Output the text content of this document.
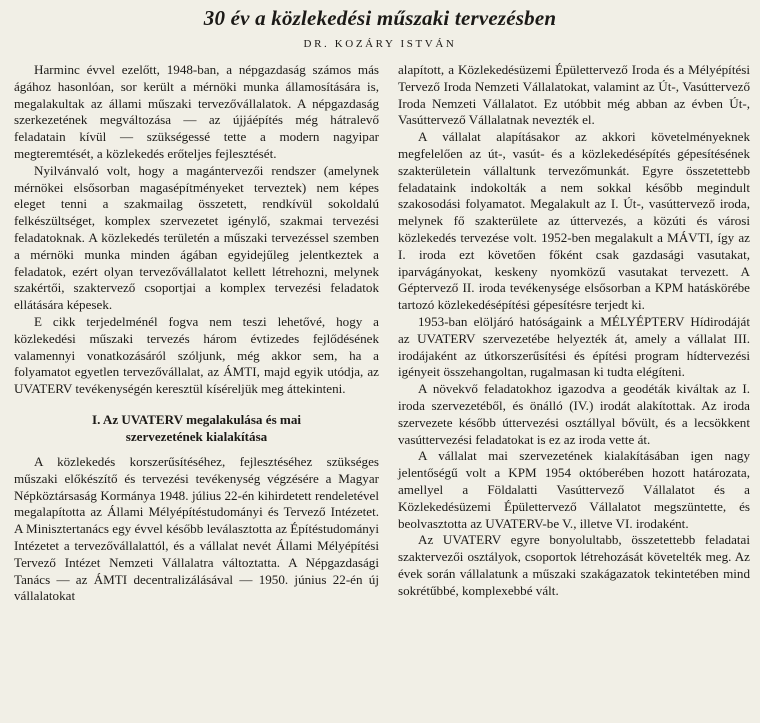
30 év a közlekedési műszaki tervezésben
DR. KOZÁRY ISTVÁN

Harminc évvel ezelőtt, 1948-ban, a népgazdaság számos más ágához hasonlóan, sor került a mérnöki munka államosítására is, megalakultak az állami műszaki tervezővállalatok. A népgazdaság szerkezetének megváltozása — az újjáépítés még hátralevő feladatain kívül — szükségessé tette a modern nagyipar megteremtését, a közlekedés erőteljes fejlesztését.

Nyilvánvaló volt, hogy a magántervezői rendszer (amelynek mérnökei elsősorban magasépítményeket terveztek) nem képes eleget tenni a szakmailag összetett, rendkívül sokoldalú felkészültséget, komplex szervezetet igénylő, szakmai tervezési feladatoknak. A közlekedés területén a műszaki tervezéssel szemben a mérnöki munka minden ágában egyidejűleg jelentkeztek a feladatok, ezért olyan tervezővállalatot kellett létrehozni, melynek szakértői, szaktervező csoportjai a komplex tervezési feladatok ellátására képesek.

E cikk terjedelménél fogva nem teszi lehetővé, hogy a közlekedési műszaki tervezés három évtizedes fejlődésének valamennyi vonatkozásáról szóljunk, még akkor sem, ha a folyamatot egyetlen tervezővállalat, az ÁMTI, majd egyik utódja, az UVATERV tevékenységén keresztül kíséreljük meg áttekinteni.

I. Az UVATERV megalakulása és mai
szervezetének kialakítása

A közlekedés korszerűsítéséhez, fejlesztéséhez szükséges műszaki előkészítő és tervezési tevékenység végzésére a Magyar Népköztársaság Kormánya 1948. július 22-én kihirdetett rendeletével megalapította az Állami Mélyépítéstudományi és Tervező Intézetet. A Minisztertanács egy évvel később leválasztotta az Építéstudományi Intézetet a tervezővállalattól, és a vállalat nevét Állami Mélyépítési Tervező Intézet Nemzeti Vállalatra változtatta. A Népgazdasági Tanács — az ÁMTI decentralizálásával — 1950. június 22-én új vállalatokat

alapított, a Közlekedésüzemi Épülettervező Iroda és a Mélyépítési Tervező Iroda Nemzeti Vállalatokat, valamint az Út-, Vasúttervező Iroda Nemzeti Vállalatot. Ez utóbbit még abban az évben Út-, Vasúttervező Vállalatnak nevezték el.

A vállalat alapításakor az akkori követelményeknek megfelelően az út-, vasút- és a közlekedésépítés gépesítésének szakterületein vállaltunk tervezőmunkát. Egyre összetettebb feladataink indokolták a nem sokkal később megindult szakosodási folyamatot. Megalakult az I. Út-, vasúttervező iroda, melynek fő szakterülete az úttervezés, a közúti és városi közlekedés tervezése volt. 1952-ben megalakult a MÁVTI, így az I. iroda ezt követően főként csak gazdasági vasutakat, iparvágányokat, keskeny nyomközű vasutakat tervezett. A Géptervező II. iroda tevékenysége elsősorban a KPM hatáskörébe tartozó közlekedésépítési gépesítésre terjedt ki.

1953-ban elöljáró hatóságaink a MÉLYÉPTERV Hídirodáját az UVATERV szervezetébe helyezték át, amely a vállalat III. irodájaként az útkorszerűsítési és építési program hídtervezési igényeit összehangoltan, rugalmasan ki tudta elégíteni.

A növekvő feladatokhoz igazodva a geodéták kiváltak az I. iroda szervezetéből, és önálló (IV.) irodát alakítottak. Az iroda szervezete később úttervezési osztállyal bővült, és a lecsökkent vasúttervezési feladatokat is ez az iroda vette át.

A vállalat mai szervezetének kialakításában igen nagy jelentőségű volt a KPM 1954 októberében hozott határozata, amellyel a Földalatti Vasúttervező Vállalatot és a Közlekedésüzemi Épülettervező Vállalatot megszüntette, és beolvasztotta az UVATERV-be V., illetve VI. irodaként.

Az UVATERV egyre bonyolultabb, összetettebb feladatai szaktervezői osztályok, csoportok létrehozását követelték meg. Az évek során vállalatunk a műszaki szakágazatok tekintetében mind sokrétűbbé, komplexebbé vált.
